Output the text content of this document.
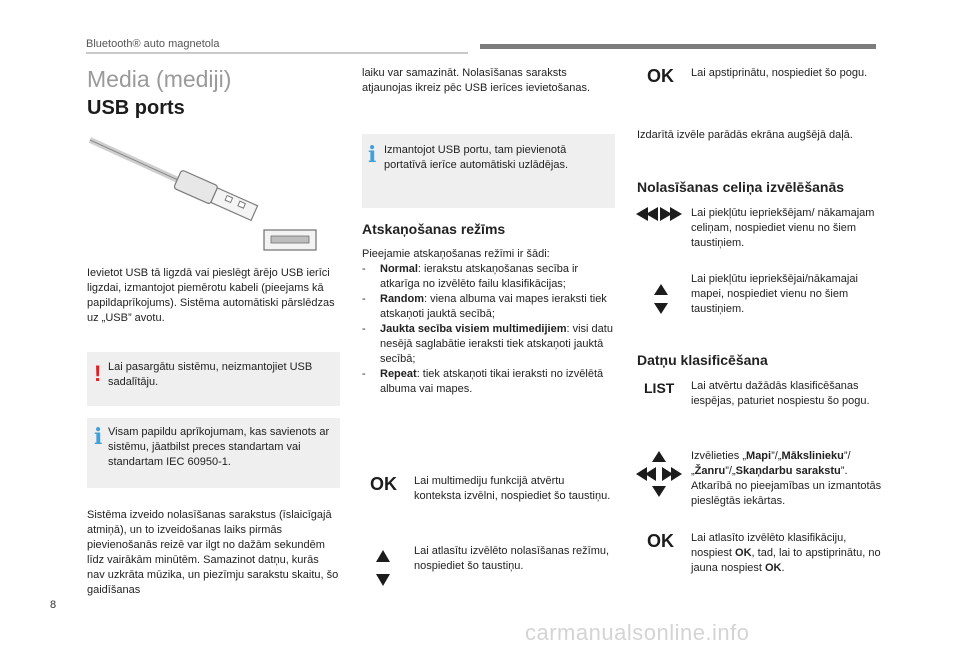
Bluetooth® auto magnetola
Media (mediji)
USB ports
Ievietot USB tā ligzdā vai pieslēgt ārējo USB ierīci ligzdai, izmantojot piemērotu kabeli (pieejams kā papildaprīkojums). Sistēma automātiski pārslēdzas uz „USB” avotu.
! Lai pasargātu sistēmu, neizmantojiet USB sadalītāju.
i Visam papildu aprīkojumam, kas savienots ar sistēmu, jāatbilst preces standartam vai standartam IEC 60950-1.
Sistēma izveido nolasīšanas sarakstus (īslaicīgajā atmiņā), un to izveidošanas laiks pirmās pievienošanās reizē var ilgt no dažām sekundēm līdz vairākām minūtēm. Samazinot datņu, kurās nav uzkrāta mūzika, un piezīmju sarakstu skaitu, šo gaidīšanas
laiku var samazināt. Nolasīšanas saraksts atjaunojas ikreiz pēc USB ierīces ievietošanas.
i Izmantojot USB portu, tam pievienotā portatīvā ierīce automātiski uzlādējas.
Atskaņošanas režīms
Pieejamie atskaņošanas režīmi ir šādi:
- Normal: ierakstu atskaņošanas secība ir atkarīga no izvēlēto failu klasifikācijas;
- Random: viena albuma vai mapes ieraksti tiek atskaņoti jauktā secībā;
- Jaukta secība visiem multimedijiem: visi datu nesējā saglabātie ieraksti tiek atskaņoti jauktā secībā;
- Repeat: tiek atskaņoti tikai ieraksti no izvēlētā albuma vai mapes.
OK Lai multimediju funkcijā atvērtu konteksta izvēlni, nospiediet šo taustiņu.
Lai atlasītu izvēlēto nolasīšanas režīmu, nospiediet šo taustiņu.
OK Lai apstiprinātu, nospiediet šo pogu.
Izdarītā izvēle parādās ekrāna augšējā daļā.
Nolasīšanas celiņa izvēlēšanās
Lai piekļūtu iepriekšējam/ nākamajam celiņam, nospiediet vienu no šiem taustiņiem.
Lai piekļūtu iepriekšējai/nākamajai mapei, nospiediet vienu no šiem taustiņiem.
Datņu klasificēšana
LIST Lai atvērtu dažādās klasificēšanas iespējas, paturiet nospiestu šo pogu.
Izvēlieties „Mapi”/„Mākslinieku”/ „Žanru”/„Skaņdarbu sarakstu”. Atkarībā no pieejamības un izmantotās pieslēgtās iekārtas.
OK Lai atlasīto izvēlēto klasifikāciju, nospiest OK, tad, lai to apstiprinātu, no jauna nospiest OK.
8
carmanualsonline.info
